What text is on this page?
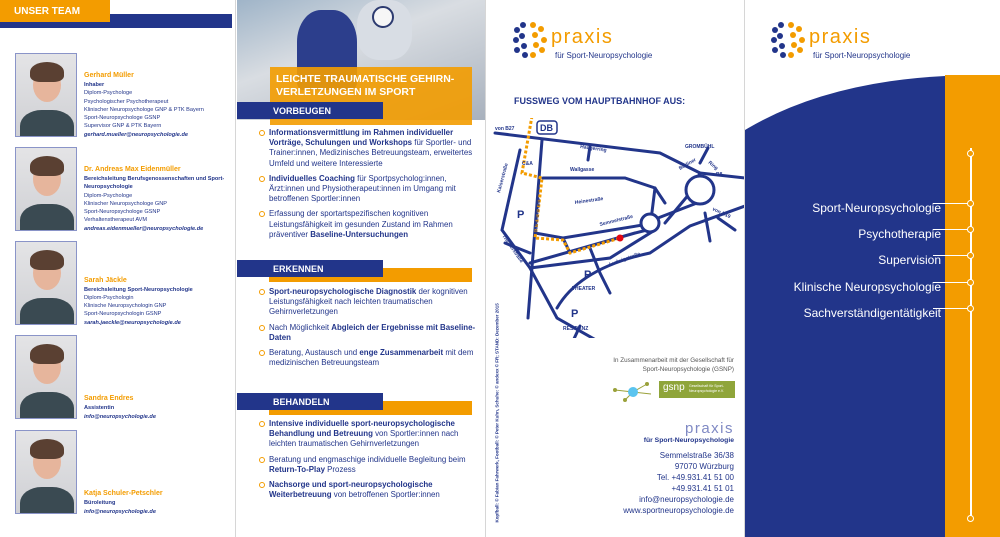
UNSER TEAM
Gerhard Müller
Inhaber
Diplom-Psychologe
Psychologischer Psychotherapeut
Klinischer Neuropsychologe GNP & PTK Bayern
Sport-Neuropsychologe GSNP
Supervisor GNP & PTK Bayern
gerhard.mueller@neuropsychologie.de
Dr. Andreas Max Eidenmüller
Bereichsleitung Berufsgenossenschaften und Sport-Neuropsychologie
Diplom-Psychologe
Klinischer Neuropsychologe GNP
Sport-Neuropsychologe GSNP
Verhaltenstherapeut AVM
andreas.eidenmueller@neuropsychologie.de
Sarah Jäckle
Bereichsleitung Sport-Neuropsychologie
Diplom-Psychologin
Klinische Neuropsychologin GNP
Sport-Neuropsychologin GSNP
sarah.jaeckle@neuropsychologie.de
Sandra Endres
Assistentin
info@neuropsychologie.de
Katja Schuler-Petschler
Büroleitung
info@neuropsychologie.de
LEICHTE TRAUMATISCHE GEHIRN-VERLETZUNGEN IM SPORT
VORBEUGEN
Informationsvermittlung im Rahmen individueller Vorträge, Schulungen und Workshops für Sportler- und Trainer:innen, Medizinisches Betreuungsteam, erweitertes Umfeld und weitere Interessierte
Individuelles Coaching für Sportpsycholog:innen, Ärzt:innen und Physiotherapeut:innen im Umgang mit betroffenen Sportler:innen
Erfassung der sportartspezifischen kognitiven Leistungsfähigkeit im gesunden Zustand im Rahmen präventiver Baseline-Untersuchungen
ERKENNEN
Sport-neuropsychologische Diagnostik der kognitiven Leistungsfähigkeit nach leichten traumatischen Gehirnverletzungen
Nach Möglichkeit Abgleich der Ergebnisse mit Baseline-Daten
Beratung, Austausch und enge Zusammenarbeit mit dem medizinischen Betreuungsteam
BEHANDELN
Intensive individuelle sport-neuropsychologische Behandlung und Betreuung von Sportler:innen nach leichten traumatischen Gehirnverletzungen
Beratung und engmaschige individuelle Begleitung beim Return-To-Play Prozess
Nachsorge und sport-neuropsychologische Weiterbetreuung von betroffenen Sportler:innen
praxis
für Sport-Neuropsychologie
FUSSWEG VOM HAUPTBAHNHOF AUS:
DB
von B27
C&A
Haugerring
Wallgasse
Kaiserstraße
Bahnhofstraße	Heinestraße
Semmelstraße
Ludwigstraße
Theaterstraße
GROMBÜHL
Berliner Ring
B8
von B19
P
P
THEATER
P
RESIDENZ
Kopfball: © Fabian Fahrwerk, Football: © Peter Kuhn, Schuhe: © andexx © FR; STAND: Dezember 2015	In Zusammenarbeit mit der Gesellschaft für
Sport-Neuropsychologie (GSNP)
gsnp Gesellschaft für Sport-Neuropsychologie e.V.
praxis
für Sport-Neuropsychologie
Semmelstraße 36/38
97070 Würzburg
Tel. +49.931.41 51 00
+49.931.41 51 01
info@neuropsychologie.de
www.sportneuropsychologie.de
praxis
für Sport-Neuropsychologie
Sport-Neuropsychologie
Psychotherapie
Supervision
Klinische Neuropsychologie
Sachverständigentätigkeit
